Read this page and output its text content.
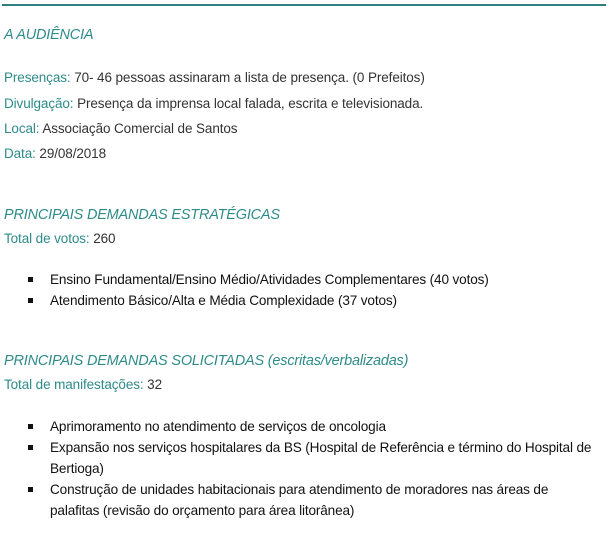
A AUDIÊNCIA
Presenças: 70- 46 pessoas assinaram a lista de presença. (0 Prefeitos)
Divulgação: Presença da imprensa local falada, escrita e televisionada.
Local: Associação Comercial de Santos
Data: 29/08/2018
PRINCIPAIS DEMANDAS ESTRATÉGICAS
Total de votos: 260
Ensino Fundamental/Ensino Médio/Atividades Complementares (40 votos)
Atendimento Básico/Alta e Média Complexidade (37 votos)
PRINCIPAIS DEMANDAS SOLICITADAS (escritas/verbalizadas)
Total de manifestações: 32
Aprimoramento no atendimento de serviços de oncologia
Expansão nos serviços hospitalares da BS (Hospital de Referência e término do Hospital de Bertioga)
Construção de unidades habitacionais para atendimento de moradores nas áreas de palafitas (revisão do orçamento para área litorânea)
